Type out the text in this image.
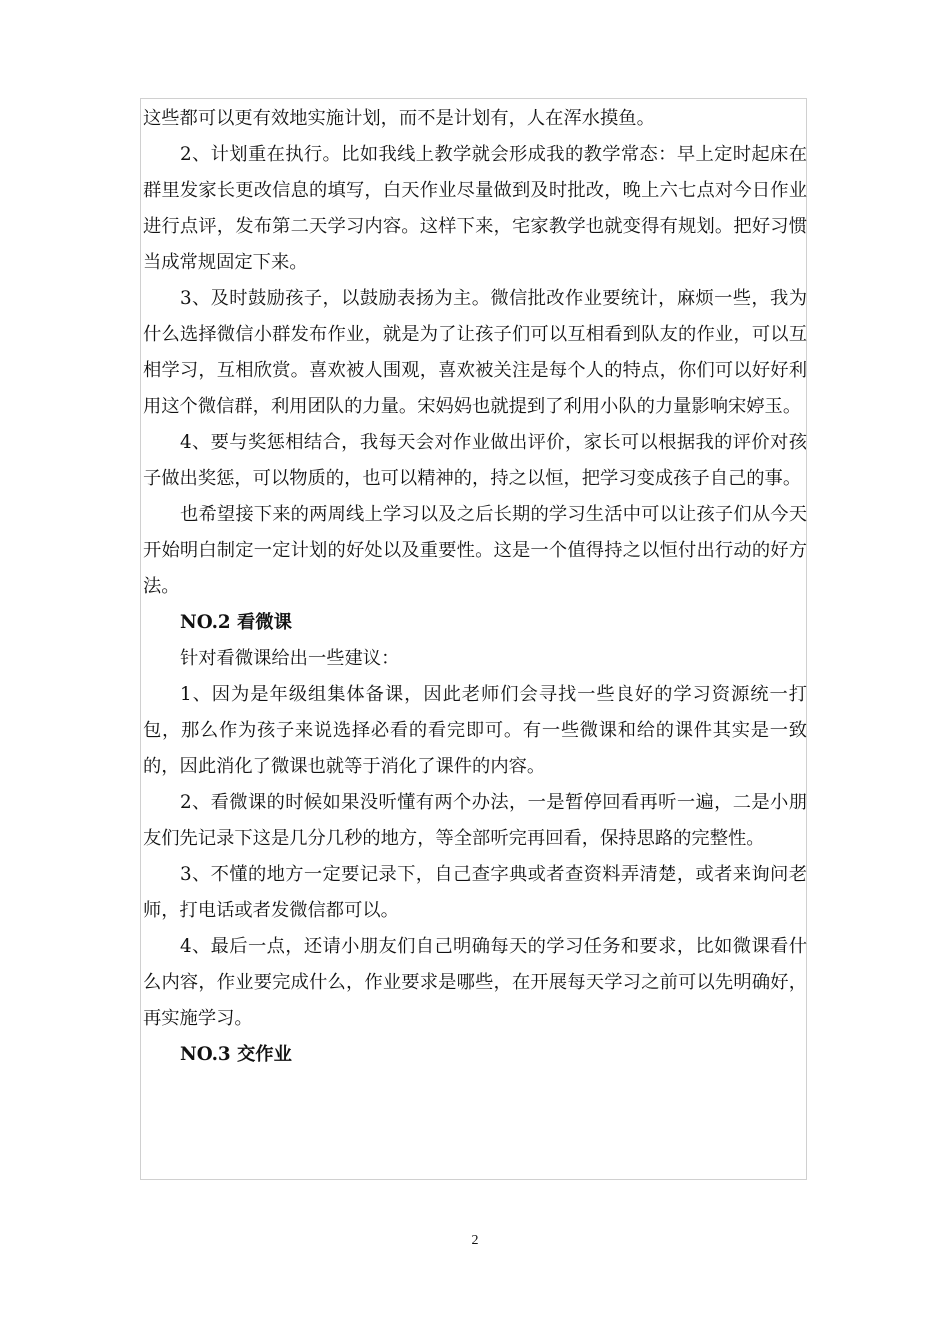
这些都可以更有效地实施计划，而不是计划有，人在浑水摸鱼。

2、计划重在执行。比如我线上教学就会形成我的教学常态：早上定时起床在群里发家长更改信息的填写，白天作业尽量做到及时批改，晚上六七点对今日作业进行点评，发布第二天学习内容。这样下来，宅家教学也就变得有规划。把好习惯当成常规固定下来。

3、及时鼓励孩子，以鼓励表扬为主。微信批改作业要统计，麻烦一些，我为什么选择微信小群发布作业，就是为了让孩子们可以互相看到队友的作业，可以互相学习，互相欣赏。喜欢被人围观，喜欢被关注是每个人的特点，你们可以好好利用这个微信群，利用团队的力量。宋妈妈也就提到了利用小队的力量影响宋婷玉。

4、要与奖惩相结合，我每天会对作业做出评价，家长可以根据我的评价对孩子做出奖惩，可以物质的，也可以精神的，持之以恒，把学习变成孩子自己的事。

也希望接下来的两周线上学习以及之后长期的学习生活中可以让孩子们从今天开始明白制定一定计划的好处以及重要性。这是一个值得持之以恒付出行动的好方法。

NO.2 看微课

针对看微课给出一些建议：

1、因为是年级组集体备课，因此老师们会寻找一些良好的学习资源统一打包，那么作为孩子来说选择必看的看完即可。有一些微课和给的课件其实是一致的，因此消化了微课也就等于消化了课件的内容。

2、看微课的时候如果没听懂有两个办法，一是暂停回看再听一遍，二是小朋友们先记录下这是几分几秒的地方，等全部听完再回看，保持思路的完整性。

3、不懂的地方一定要记录下，自己查字典或者查资料弄清楚，或者来询问老师，打电话或者发微信都可以。

4、最后一点，还请小朋友们自己明确每天的学习任务和要求，比如微课看什么内容，作业要完成什么，作业要求是哪些，在开展每天学习之前可以先明确好，再实施学习。

NO.3 交作业

2
